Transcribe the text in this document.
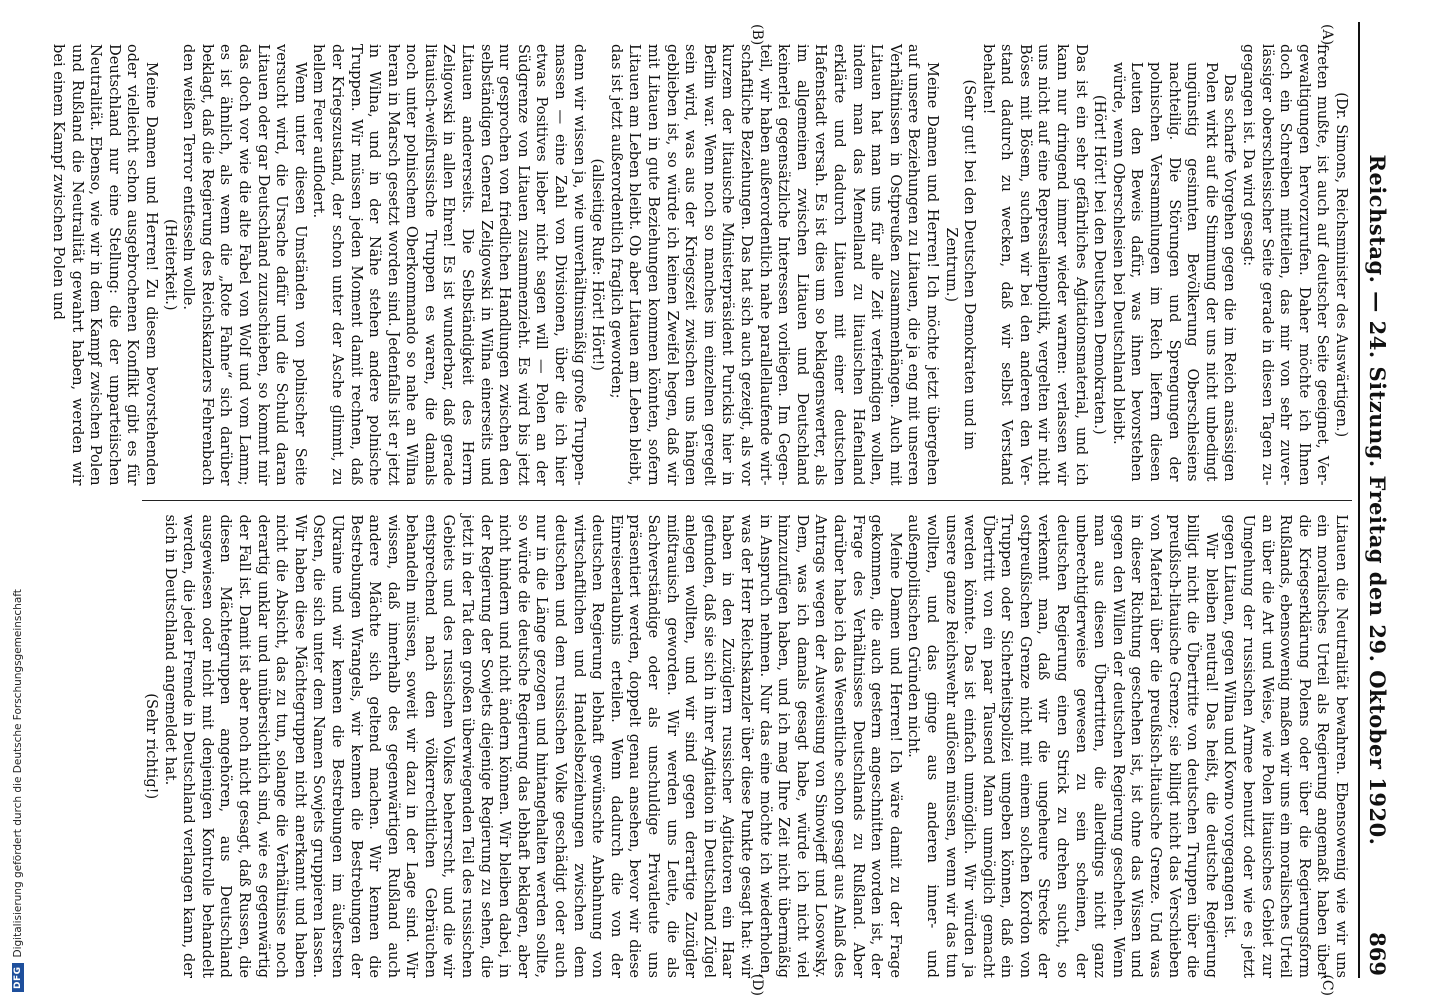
Reichstag. — 24. Sitzung. Freitag den 29. Oktober 1920.
869
(A)
(B)

(Dr. Simons, Reichsminister des Auswärtigen.)

freten mußte, ist auch auf deutscher Seite geeignet, Vergewaltigungen hervorzurufen. Daher möchte ich Ihnen doch ein Schreiben mitteilen, das mir von sehr zuverlässiger oberschlesischer Seite gerade in diesen Tagen zugegangen ist. Da wird gesagt:

Das scharfe Vorgehen gegen die im Reich ansässigen Polen wirkt auf die Stimmung der uns nicht unbedingt ungünstig gesinnten Bevölkerung Oberschlesiens nachteilig. Die Störungen und Sprengungen der polnischen Versammlungen im Reich liefern diesen Leuten den Beweis dafür, was ihnen bevorstehen würde, wenn Oberschlesien bei Deutschland bleibt.

(Hört! Hört! bei den Deutschen Demokraten.)

Das ist ein sehr gefährliches Agitationsmaterial, und ich kann nur dringend immer wieder warnen: verlassen wir uns nicht auf eine Repressalienpolitik, vergelten wir nicht Böses mit Bösem, suchen wir bei den anderen den Verstand dadurch zu wecken, daß wir selbst Verstand behalten!

(Sehr gut! bei den Deutschen Demokraten und im Zentrum.)

Meine Damen und Herren! Ich möchte jetzt übergehen auf unsere Beziehungen zu Litauen, die ja eng mit unseren Verhältnissen in Ostpreußen zusammenhängen. Auch mit Litauen hat man uns für alle Zeit verfeindigen wollen, indem man das Memelland zu litauischen Hafenland erklärte und dadurch Litauen mit einer deutschen Hafenstadt versah. Es ist dies um so beklagenswerter, als im allgemeinen zwischen Litauen und Deutschland keinerlei gegensätzliche Interessen vorliegen. Im Gegenteil, wir haben außerordentlich nahe parallellaufende wirtschaftliche Beziehungen. Das hat sich auch gezeigt, als vor kurzem der litauische Ministerpräsident Purickis hier in Berlin war. Wenn noch so manches im einzelnen geregelt sein wird, was aus der Kriegszeit zwischen uns hängen geblieben ist, so würde ich keinen Zweifel hegen, daß wir mit Litauen in gute Beziehungen kommen könnten, sofern Litauen am Leben bleibt. Ob aber Litauen am Leben bleibt, das ist jetzt außerordentlich fraglich geworden;

(allseitige Rufe: Hört! Hört!)

denn wir wissen ja, wie unverhältnismäßig große Truppenmassen — eine Zahl von Divisionen, über die ich hier etwas Positives lieber nicht sagen will — Polen an der Südgrenze von Litauen zusammenzieht. Es wird bis jetzt nur gesprochen von friedlichen Handlungen zwischen den selbständigen General Zeligowski in Wilna einerseits und Litauen andererseits. Die Selbständigkeit des Herrn Zeligowski in allen Ehren! Es ist wunderbar, daß gerade litauisch-weißrussische Truppen es waren, die damals noch unter polnischem Oberkommando so nahe an Wilna heran in Marsch gesetzt worden sind. Jedenfalls ist er jetzt in Wilna, und in der Nähe stehen andere polnische Truppen. Wir müssen jeden Moment damit rechnen, daß der Kriegszustand, der schon unter der Asche glimmt, zu hellem Feuer auflodert.

Wenn unter diesen Umständen von polnischer Seite versucht wird, die Ursache dafür und die Schuld daran Litauen oder gar Deutschland zuzuschieben, so kommt mir das doch vor wie die alte Fabel von Wolf und vom Lamm; es ist ähnlich, als wenn die „Rote Fahne“ sich darüber beklagt, daß die Regierung des Reichskanzlers Fehrenbach den weißen Terror entfesseln wolle.

(Heiterkeit.)

Meine Damen und Herren! Zu diesem bevorstehenden oder vielleicht schon ausgebrochenen Konflikt gibt es für Deutschland nur eine Stellung: die der unparteiischen Neutralität. Ebenso, wie wir in dem Kampf zwischen Polen und Rußland die Neutralität gewahrt haben, werden wir bei einem Kampf zwischen Polen und

(C)
(D)

Litauen die Neutralität bewahren. Ebensowenig wie wir uns ein moralisches Urteil als Regierung angemaßt haben über die Kriegserklärung Polens oder über die Regierungsform Rußlands, ebensowenig maßen wir uns ein moralisches Urteil an über die Art und Weise, wie Polen litauisches Gebiet zur Umgehung der russischen Armee benutzt oder wie es jetzt gegen Litauen, gegen Wilna und Kowno vorgegangen ist.

Wir bleiben neutral! Das heißt, die deutsche Regierung billigt nicht die Übertritte von deutschen Truppen über die preußisch-litauische Grenze; sie billigt nicht das Verschieben von Material über die preußisch-litauische Grenze. Und was in dieser Richtung geschehen ist, ist ohne das Wissen und gegen den Willen der deutschen Regierung geschehen. Wenn man aus diesen Übertritten, die allerdings nicht ganz unberechtigterweise gewesen zu sein scheinen, der deutschen Regierung einen Strick zu drehen sucht, so verkennt man, daß wir die ungeheure Strecke der ostpreußischen Grenze nicht mit einem solchen Kordon von Truppen oder Sicherheitspolizei umgeben können, daß ein Übertritt von ein paar Tausend Mann unmöglich gemacht werden könnte. Das ist einfach unmöglich. Wir würden ja unsere ganze Reichswehr auflösen müssen, wenn wir das tun wollten, und das ginge aus anderen inner- und außenpolitischen Gründen nicht.

Meine Damen und Herren! Ich wäre damit zu der Frage gekommen, die auch gestern angeschnitten worden ist, der Frage des Verhältnisses Deutschlands zu Rußland. Aber darüber habe ich das Wesentliche schon gesagt aus Anlaß des Antrags wegen der Ausweisung von Sinowjeff und Losowsky. Dem, was ich damals gesagt habe, würde ich nicht viel hinzuzufügen haben, und ich mag Ihre Zeit nicht übermäßig in Anspruch nehmen. Nur das eine möchte ich wiederholen, was der Herr Reichskanzler über diese Punkte gesagt hat: wir haben in den Zuzüglern russischer Agitatoren ein Haar gefunden, daß sie sich in ihrer Agitation in Deutschland Zügel anlegen wollten, und wir sind gegen derartige Zuzügler mißtrauisch geworden. Wir werden uns Leute, die als Sachverständige oder als unschuldige Privatleute uns präsentiert werden, doppelt genau ansehen, bevor wir diese Einreiseerlaubnis erteilen. Wenn dadurch die von der deutschen Regierung lebhaft gewünschte Anbahnung von wirtschaftlichen und Handelsbeziehungen zwischen dem deutschen und dem russischen Volke geschädigt oder auch nur in die Länge gezogen und hintangehalten werden sollte, so würde die deutsche Regierung das lebhaft beklagen, aber nicht hindern und nicht ändern können. Wir bleiben dabei, in der Regierung der Sowjets diejenige Regierung zu sehen, die jetzt in der Tat den großen überwiegenden Teil des russischen Gebiets und des russischen Volkes beherrscht, und die wir entsprechend nach den völkerrechtlichen Gebräuchen behandeln müssen, soweit wir dazu in der Lage sind. Wir wissen, daß innerhalb des gegenwärtigen Rußland auch andere Mächte sich geltend machen. Wir kennen die Bestrebungen Wrangels, wir kennen die Bestrebungen der Ukraine und wir kennen die Bestrebungen im äußersten Osten, die sich unter dem Namen Sowjets gruppieren lassen. Wir haben diese Mächtegruppen nicht anerkannt und haben nicht die Absicht, das zu tun, solange die Verhältnisse noch derartig unklar und unübersichtlich sind, wie es gegenwärtig der Fall ist. Damit ist aber noch nicht gesagt, daß Russen, die diesen Mächtegruppen angehören, aus Deutschland ausgewiesen oder nicht mit denjenigen Kontrolle behandelt werden, die jeder Fremde in Deutschland verlangen kann, der sich in Deutschland angemeldet hat.

(Sehr richtig!)

DFG
Digitalisierung gefördert durch die Deutsche Forschungsgemeinschaft
